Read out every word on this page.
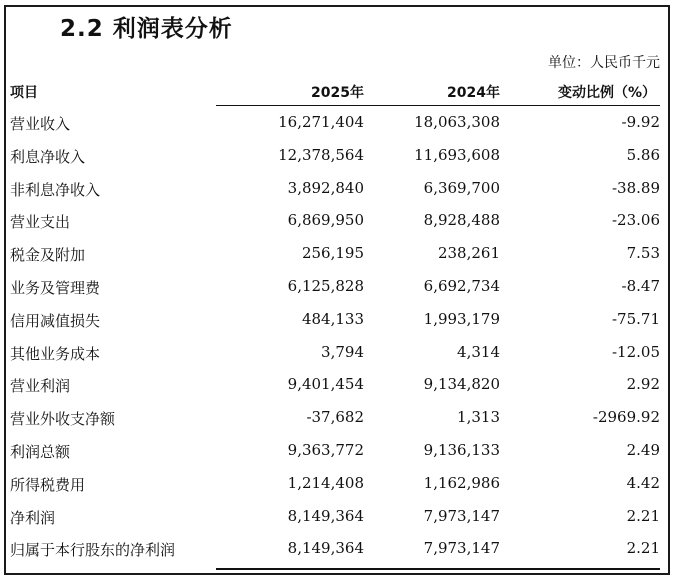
2.2 利润表分析
单位：人民币千元
项目	2025年	2024年	变动比例（%）
营业收入	16,271,404	18,063,308	-9.92
利息净收入	12,378,564	11,693,608	5.86
非利息净收入	3,892,840	6,369,700	-38.89
营业支出	6,869,950	8,928,488	-23.06
税金及附加	256,195	238,261	7.53
业务及管理费	6,125,828	6,692,734	-8.47
信用减值损失	484,133	1,993,179	-75.71
其他业务成本	3,794	4,314	-12.05
营业利润	9,401,454	9,134,820	2.92
营业外收支净额	-37,682	1,313	-2969.92
利润总额	9,363,772	9,136,133	2.49
所得税费用	1,214,408	1,162,986	4.42
净利润	8,149,364	7,973,147	2.21
归属于本行股东的净利润	8,149,364	7,973,147	2.21
